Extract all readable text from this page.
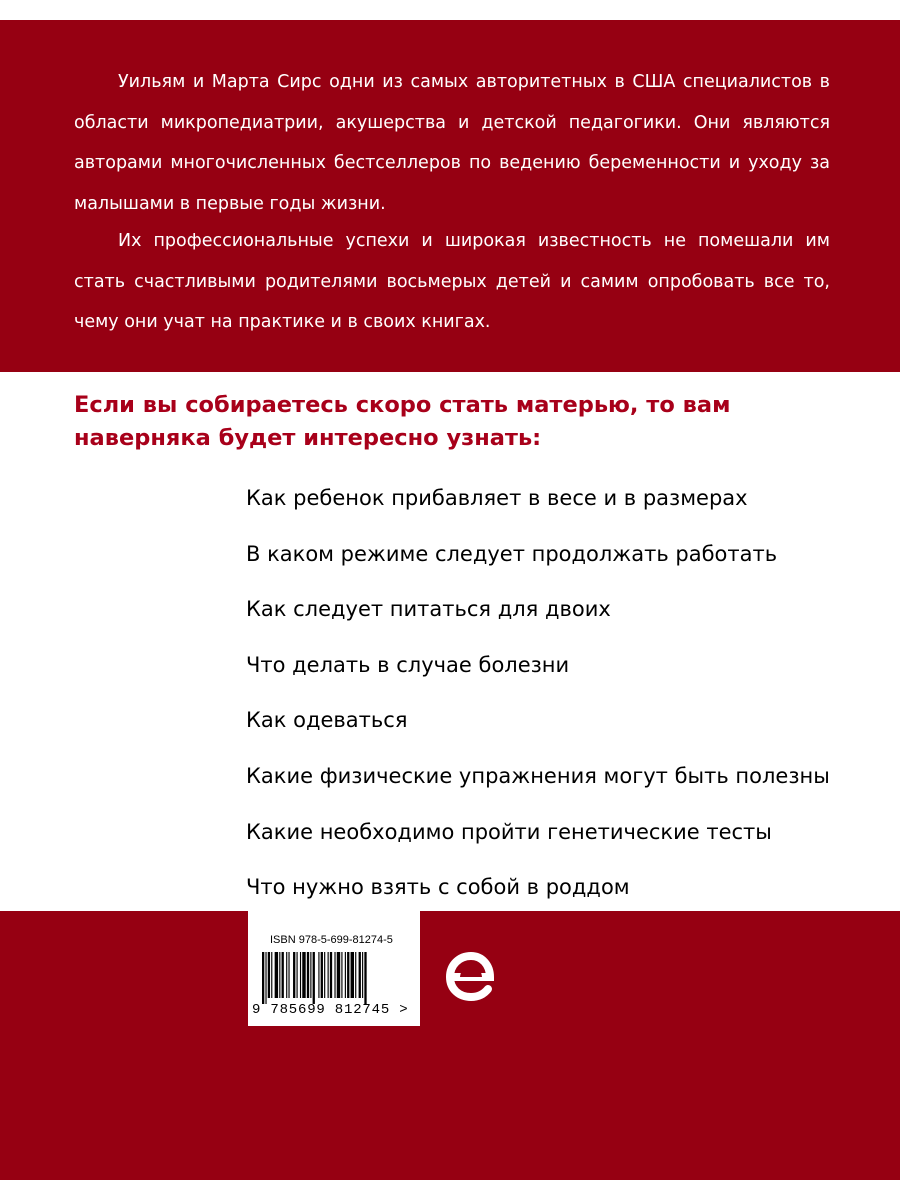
Уильям и Марта Сирс одни из самых авторитетных в США специалистов в области микропедиатрии, акушерства и детской педагогики. Они являются авторами многочисленных бестселлеров по ведению беременности и уходу за малышами в первые годы жизни.

Их профессиональные успехи и широкая известность не помешали им стать счастливыми родителями восьмерых детей и самим опробовать все то, чему они учат на практике и в своих книгах.

Если вы собираетесь скоро стать матерью, то вам наверняка будет интересно узнать:
Как ребенок прибавляет в весе и в размерах
В каком режиме следует продолжать работать
Как следует питаться для двоих
Что делать в случае болезни
Как одеваться
Какие физические упражнения могут быть полезны
Какие необходимо пройти генетические тесты
Что нужно взять с собой в роддом
ISBN 978-5-699-81274-5
9 785699 812745 >
